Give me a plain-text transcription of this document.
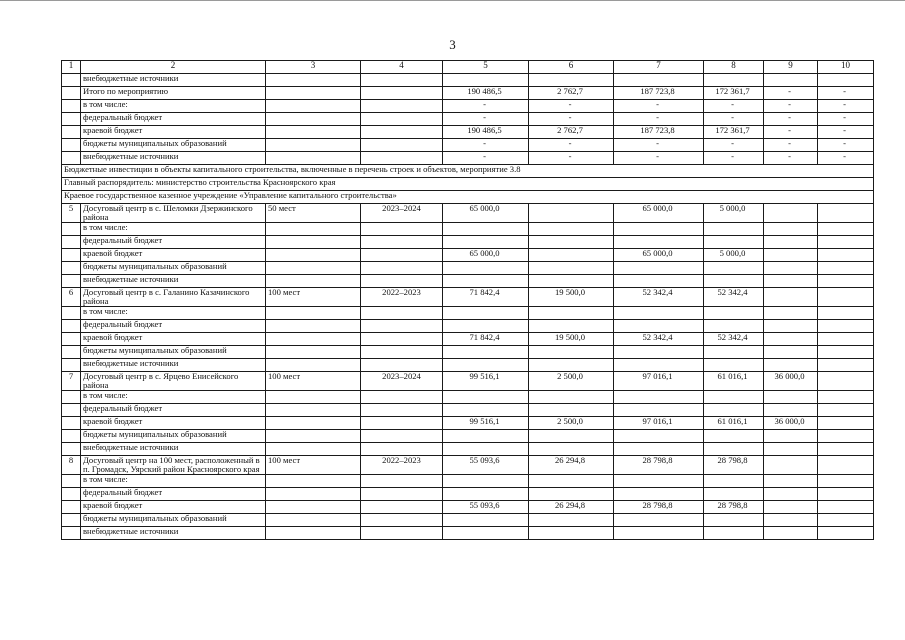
3
1	2	3	4	5	6	7	8	9	10
	внебюджетные источники								
	Итого по мероприятию			190 486,5	2 762,7	187 723,8	172 361,7	-	-
	в том числе:			-	-	-	-	-	-
	федеральный бюджет			-	-	-	-	-	-
	краевой бюджет			190 486,5	2 762,7	187 723,8	172 361,7	-	-
	бюджеты муниципальных образований			-	-	-	-	-	-
	внебюджетные источники			-	-	-	-	-	-
Бюджетные инвестиции в объекты капитального строительства, включенные в перечень строек и объектов, мероприятие 3.8									
Главный распорядитель: министерство строительства Красноярского края									
Краевое государственное казенное учреждение «Управление капитального строительства»									
5	Досуговый центр в с. Шеломки Дзержинского района	50 мест	2023–2024	65 000,0		65 000,0	5 000,0		
	в том числе:								
	федеральный бюджет								
	краевой бюджет			65 000,0		65 000,0	5 000,0		
	бюджеты муниципальных образований								
	внебюджетные источники								
6	Досуговый центр в с. Галанино Казачинского района	100 мест	2022–2023	71 842,4	19 500,0	52 342,4	52 342,4		
	в том числе:								
	федеральный бюджет								
	краевой бюджет			71 842,4	19 500,0	52 342,4	52 342,4		
	бюджеты муниципальных образований								
	внебюджетные источники								
7	Досуговый центр в с. Ярцево Енисейского района	100 мест	2023–2024	99 516,1	2 500,0	97 016,1	61 016,1	36 000,0	
	в том числе:								
	федеральный бюджет								
	краевой бюджет			99 516,1	2 500,0	97 016,1	61 016,1	36 000,0	
	бюджеты муниципальных образований								
	внебюджетные источники								
8	Досуговый центр на 100 мест, расположенный в п. Громадск, Уярский район Красноярского края	100 мест	2022–2023	55 093,6	26 294,8	28 798,8	28 798,8		
	в том числе:								
	федеральный бюджет								
	краевой бюджет			55 093,6	26 294,8	28 798,8	28 798,8		
	бюджеты муниципальных образований								
	внебюджетные источники								
